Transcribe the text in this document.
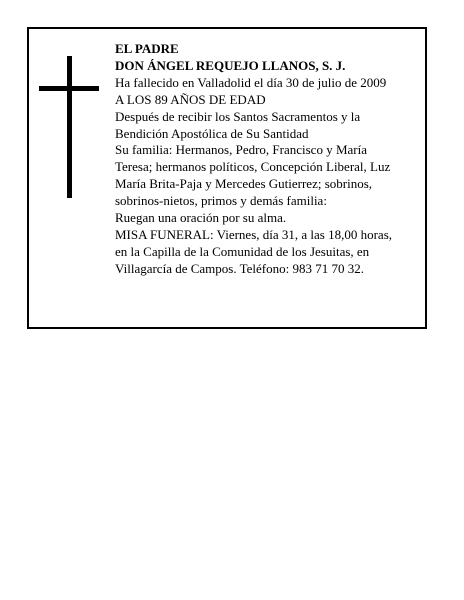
EL PADRE
DON ÁNGEL REQUEJO LLANOS, S. J.
Ha fallecido en Valladolid el día 30 de julio de 2009
A LOS 89 AÑOS DE EDAD
Después de recibir los Santos Sacramentos y la
Bendición Apostólica de Su Santidad
Su familia: Hermanos, Pedro, Francisco y María
Teresa; hermanos políticos, Concepción Liberal, Luz
María Brita-Paja y Mercedes Gutierrez; sobrinos,
sobrinos-nietos, primos y demás familia:
Ruegan una oración por su alma.
MISA FUNERAL: Viernes, día 31, a las 18,00 horas,
en la Capilla de la Comunidad de los Jesuitas, en
Villagarcía de Campos. Teléfono: 983 71 70 32.
